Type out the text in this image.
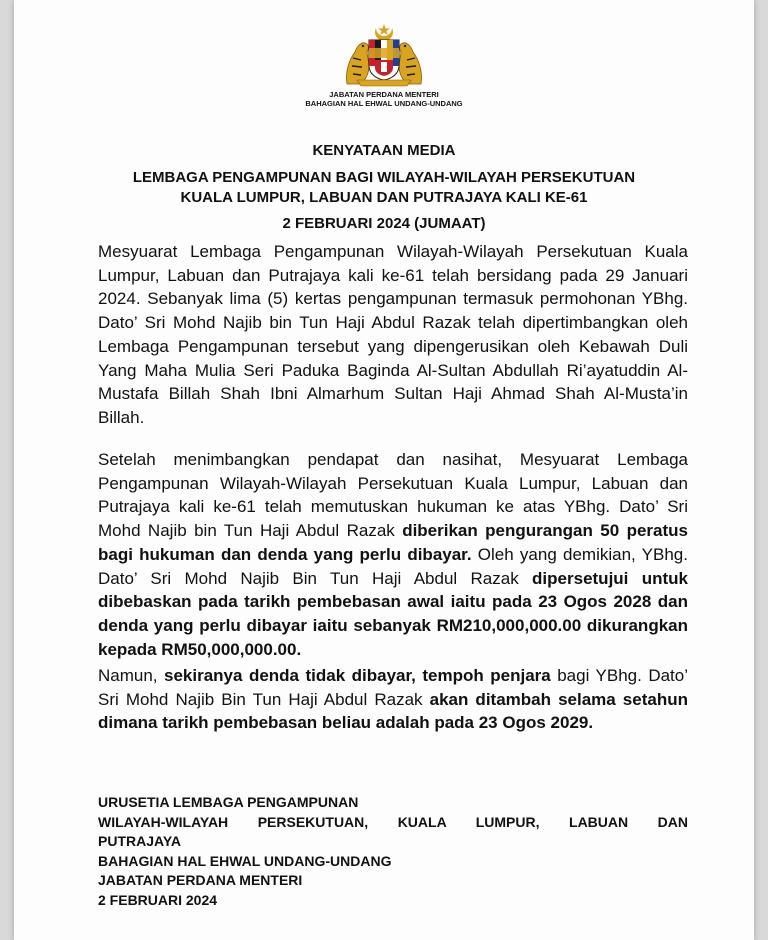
JABATAN PERDANA MENTERI
BAHAGIAN HAL EHWAL UNDANG-UNDANG
KENYATAAN MEDIA
LEMBAGA PENGAMPUNAN BAGI WILAYAH-WILAYAH PERSEKUTUAN
KUALA LUMPUR, LABUAN DAN PUTRAJAYA KALI KE-61
2 FEBRUARI 2024 (JUMAAT)

Mesyuarat Lembaga Pengampunan Wilayah-Wilayah Persekutuan Kuala Lumpur, Labuan dan Putrajaya kali ke-61 telah bersidang pada 29 Januari 2024. Sebanyak lima (5) kertas pengampunan termasuk permohonan YBhg. Dato’ Sri Mohd Najib bin Tun Haji Abdul Razak telah dipertimbangkan oleh Lembaga Pengampunan tersebut yang dipengerusikan oleh Kebawah Duli Yang Maha Mulia Seri Paduka Baginda Al-Sultan Abdullah Ri’ayatuddin Al-Mustafa Billah Shah Ibni Almarhum Sultan Haji Ahmad Shah Al-Musta’in Billah.

Setelah menimbangkan pendapat dan nasihat, Mesyuarat Lembaga Pengampunan Wilayah-Wilayah Persekutuan Kuala Lumpur, Labuan dan Putrajaya kali ke-61 telah memutuskan hukuman ke atas YBhg. Dato’ Sri Mohd Najib bin Tun Haji Abdul Razak diberikan pengurangan 50 peratus bagi hukuman dan denda yang perlu dibayar. Oleh yang demikian, YBhg. Dato’ Sri Mohd Najib Bin Tun Haji Abdul Razak dipersetujui untuk dibebaskan pada tarikh pembebasan awal iaitu pada 23 Ogos 2028 dan denda yang perlu dibayar iaitu sebanyak RM210,000,000.00 dikurangkan kepada RM50,000,000.00.

Namun, sekiranya denda tidak dibayar, tempoh penjara bagi YBhg. Dato’ Sri Mohd Najib Bin Tun Haji Abdul Razak akan ditambah selama setahun dimana tarikh pembebasan beliau adalah pada 23 Ogos 2029.

URUSETIA LEMBAGA PENGAMPUNAN
WILAYAH-WILAYAH PERSEKUTUAN, KUALA LUMPUR, LABUAN DAN
PUTRAJAYA
BAHAGIAN HAL EHWAL UNDANG-UNDANG
JABATAN PERDANA MENTERI
2 FEBRUARI 2024
